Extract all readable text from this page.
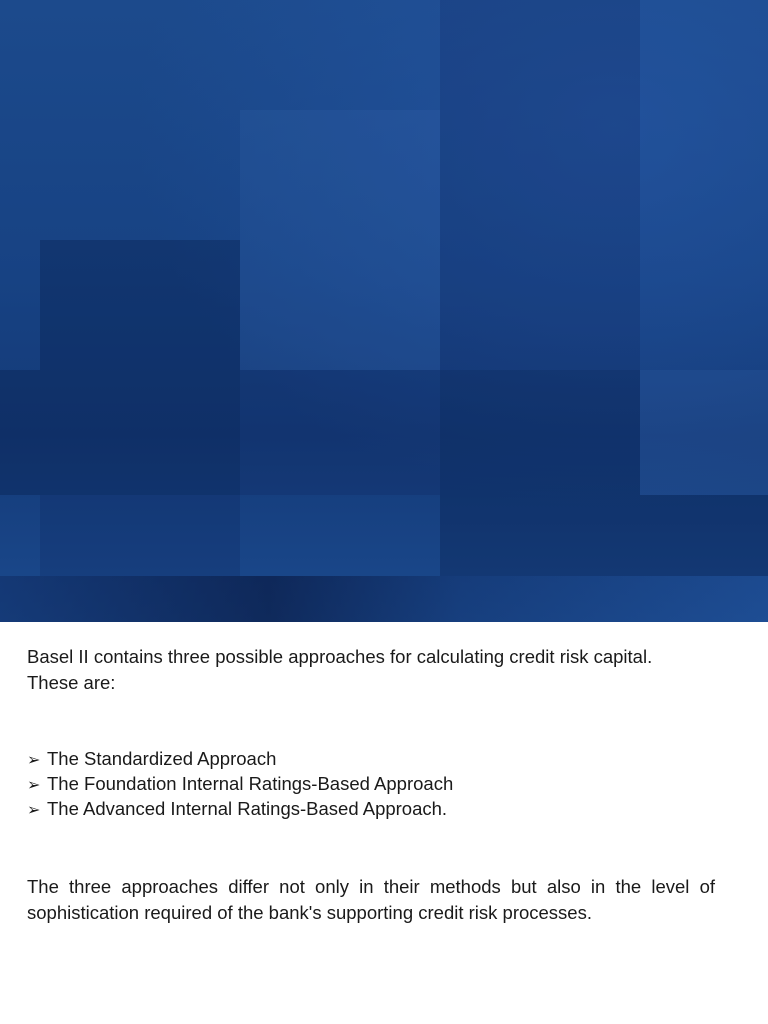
Basel II contains three possible approaches for calculating credit risk capital.
These are:

➢ The Standardized Approach
➢ The Foundation Internal Ratings-Based Approach
➢ The Advanced Internal Ratings-Based Approach.

The three approaches differ not only in their methods but also in the level of sophistication required of the bank's supporting credit risk processes.
